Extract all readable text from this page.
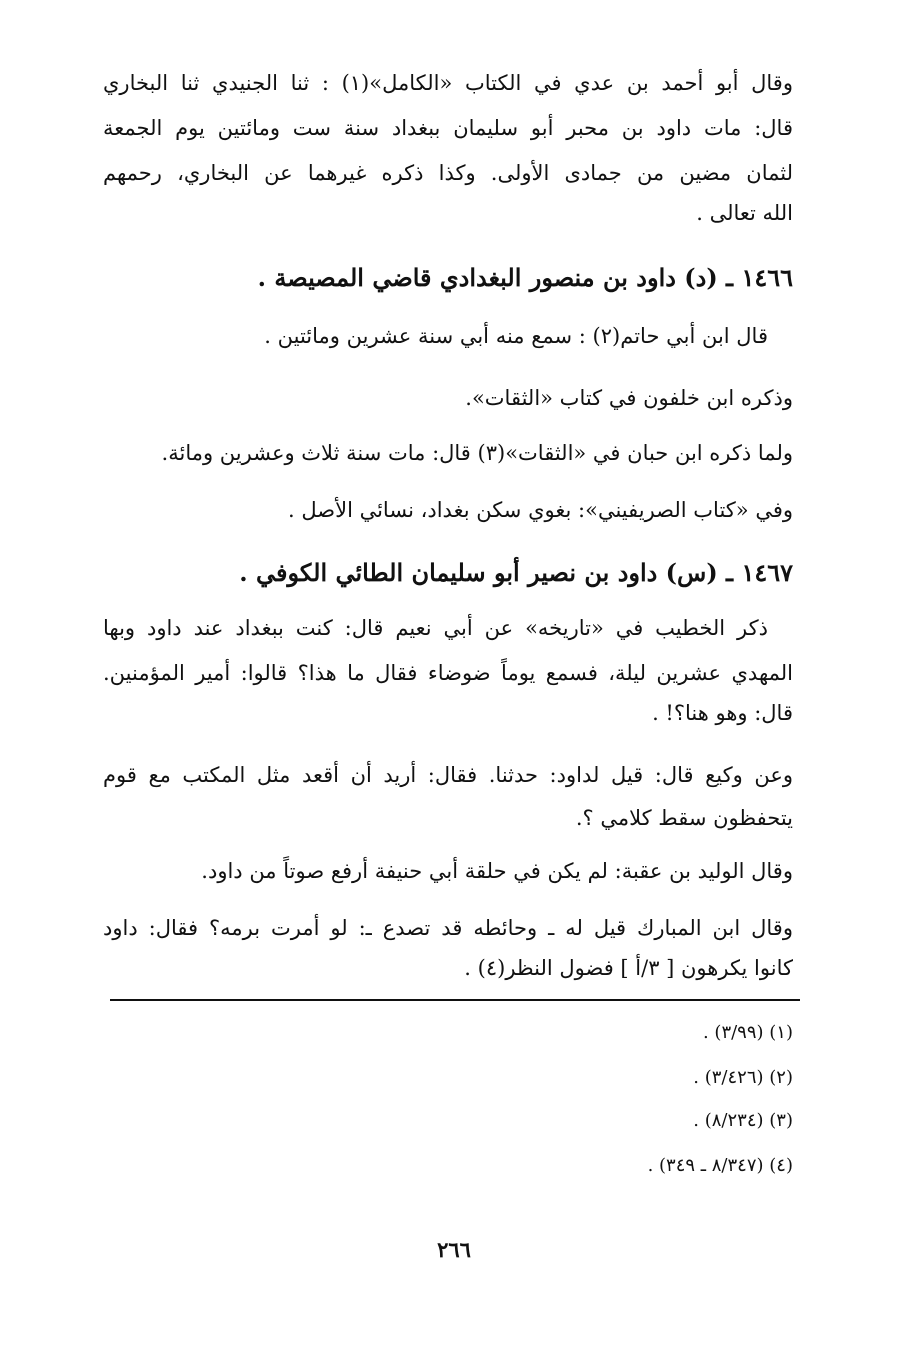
وقال أبو أحمد بن عدي في الكتاب «الكامل»(١) : ثنا الجنيدي ثنا البخاري
قال: مات داود بن محبر أبو سليمان ببغداد سنة ست ومائتين يوم الجمعة
لثمان مضين من جمادى الأولى. وكذا ذكره غيرهما عن البخاري، رحمهم
الله تعالى .
١٤٦٦ ـ (د) داود بن منصور البغدادي قاضي المصيصة .
قال ابن أبي حاتم(٢) : سمع منه أبي سنة عشرين ومائتين .
وذكره ابن خلفون في كتاب «الثقات».
ولما ذكره ابن حبان في «الثقات»(٣) قال: مات سنة ثلاث وعشرين ومائة.
وفي «كتاب الصريفيني»: بغوي سكن بغداد، نسائي الأصل .
١٤٦٧ ـ (س) داود بن نصير أبو سليمان الطائي الكوفي .
ذكر الخطيب في «تاريخه» عن أبي نعيم قال: كنت ببغداد عند داود وبها
المهدي عشرين ليلة، فسمع يوماً ضوضاء فقال ما هذا؟ قالوا: أمير المؤمنين.
قال: وهو هنا؟! .
وعن وكيع قال: قيل لداود: حدثنا. فقال: أريد أن أقعد مثل المكتب مع قوم
يتحفظون سقط كلامي ؟.
وقال الوليد بن عقبة: لم يكن في حلقة أبي حنيفة أرفع صوتاً من داود.
وقال ابن المبارك قيل له ـ وحائطه قد تصدع ـ: لو أمرت برمه؟ فقال: داود
كانوا يكرهون [ ٣/أ ] فضول النظر(٤) .
(١) (٣/٩٩) .
(٢) (٣/٤٢٦) .
(٣) (٨/٢٣٤) .
(٤) (٨/٣٤٧ ـ ٣٤٩) .
٢٦٦
